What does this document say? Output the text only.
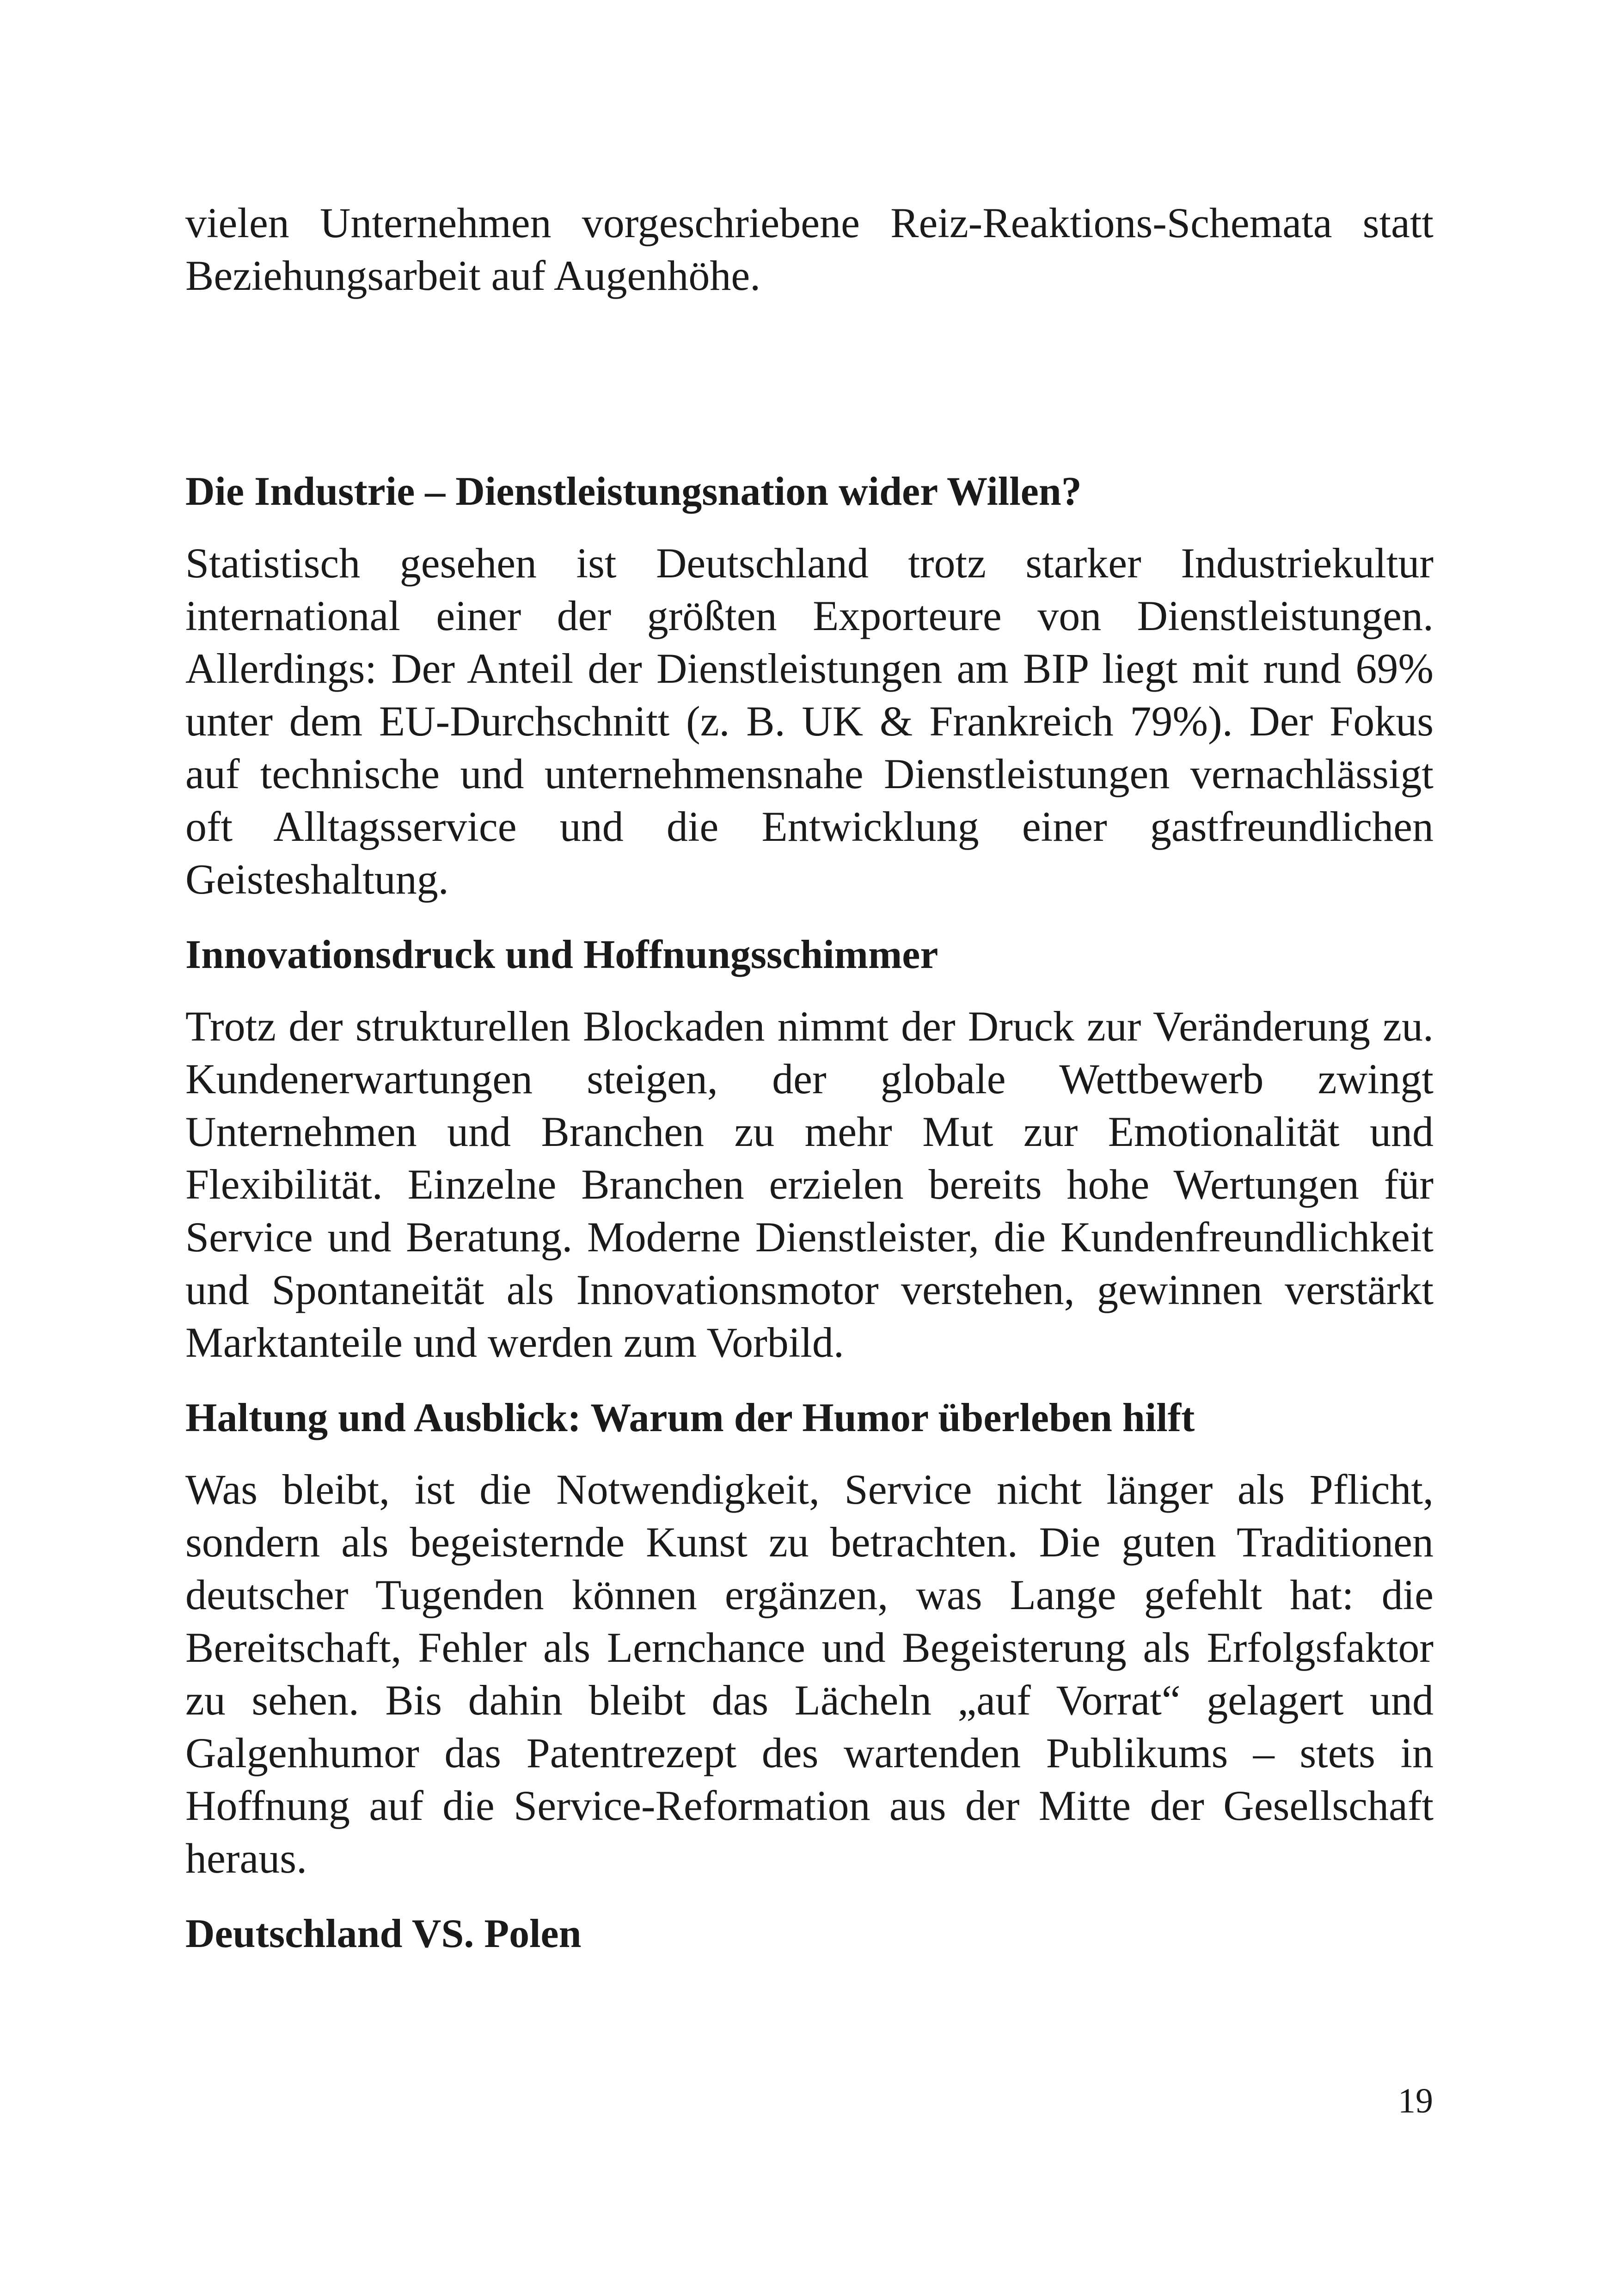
vielen Unternehmen vorgeschriebene Reiz-Reaktions-Schemata statt Beziehungsarbeit auf Augenhöhe.

Die Industrie – Dienstleistungsnation wider Willen?

Statistisch gesehen ist Deutschland trotz starker Industriekultur international einer der größten Exporteure von Dienstleistungen. Allerdings: Der Anteil der Dienstleistungen am BIP liegt mit rund 69% unter dem EU-Durchschnitt (z. B. UK & Frankreich 79%). Der Fokus auf technische und unternehmensnahe Dienstleistungen vernachlässigt oft Alltagsservice und die Entwicklung einer gastfreundlichen Geisteshaltung.

Innovationsdruck und Hoffnungsschimmer

Trotz der strukturellen Blockaden nimmt der Druck zur Veränderung zu. Kundenerwartungen steigen, der globale Wettbewerb zwingt Unternehmen und Branchen zu mehr Mut zur Emotionalität und Flexibilität. Einzelne Branchen erzielen bereits hohe Wertungen für Service und Beratung. Moderne Dienstleister, die Kundenfreundlichkeit und Spontaneität als Innovationsmotor verstehen, gewinnen verstärkt Marktanteile und werden zum Vorbild.

Haltung und Ausblick: Warum der Humor überleben hilft

Was bleibt, ist die Notwendigkeit, Service nicht länger als Pflicht, sondern als begeisternde Kunst zu betrachten. Die guten Traditionen deutscher Tugenden können ergänzen, was Lange gefehlt hat: die Bereitschaft, Fehler als Lernchance und Begeisterung als Erfolgsfaktor zu sehen. Bis dahin bleibt das Lächeln „auf Vorrat“ gelagert und Galgenhumor das Patentrezept des wartenden Publikums – stets in Hoffnung auf die Service-Reformation aus der Mitte der Gesellschaft heraus.

Deutschland VS. Polen
19
